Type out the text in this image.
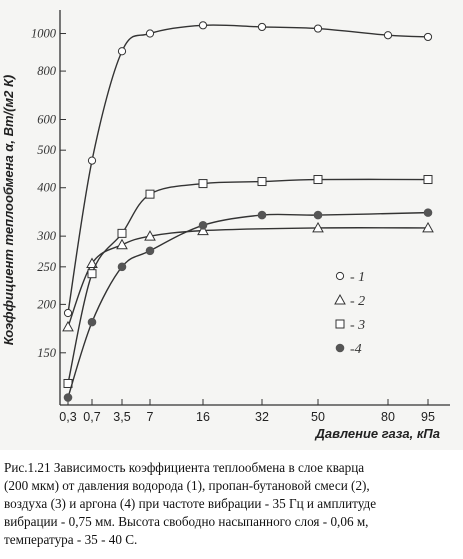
0,3 0,7 3,5 7	16	32	50	80 95
150
200
250
300
400
500
600
800
1000
Давление газа, кПа
Коэффициент теплообмена α, Вт/(м2 К)	- 1
- 2
- 3
-4
Рис.1.21 Зависимость коэффициента теплообмена в слое кварца
(200 мкм) от давления водорода (1), пропан-бутановой смеси (2),
воздуха (3) и аргона (4) при частоте вибрации - 35 Гц и амплитуде
вибрации - 0,75 мм. Высота свободно насыпанного слоя - 0,06 м,
температура - 35 - 40 С.
